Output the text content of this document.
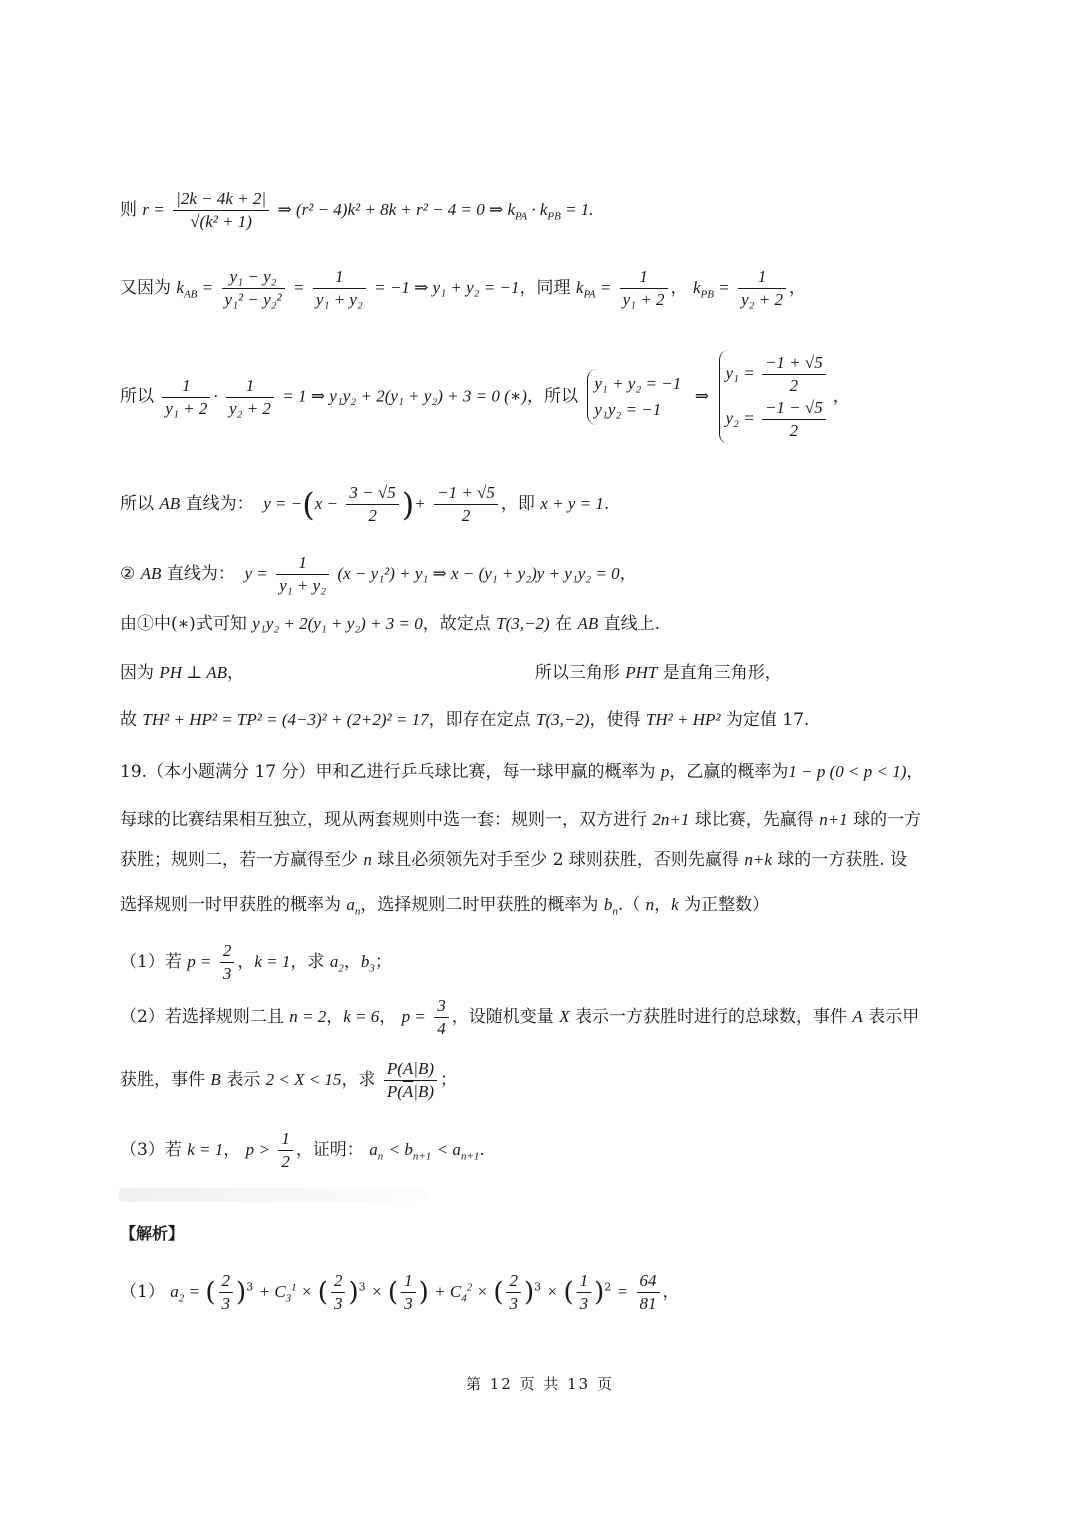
则 $r = \frac{|2k - 4k + 2|}{\text{√(k² + 1)}}$ ⇒ (r² − 4)k² + 8k + r² − 4 = 0 ⇒ $k_{PA} \cdot k_{PB} = 1$.
又因为 $k_{AB} = \frac{\text{y₁ − y₂}}{\text{y₁² − y₂²}} = \frac{1}{\text{y₁ + y₂}} = -1$ ⇒ y₁ + y₂ = −1，同理 $k_{PA} = \frac{1}{\text{y₁ + 2}}$ ， $k_{PB} = \frac{1}{\text{y₂ + 2}}$ ，
所以 $\frac{1}{\text{y₁ + 2}} \cdot \frac{1}{\text{y₂ + 2}} = 1$ ⇒ y₁y₂ + 2(y₁ + y₂) + 3 = 0 (∗)，所以
y₁ + y₂ = −1
y₁y₂ = −1
⇒
$y_1 = \frac{-1 + √5}{2}$
$y_2 = \frac{-1 - √5}{2}$
，
所以 AB 直线为：  $y = -(x - \frac{3 - √5}{2}$ )+ $\frac{-1 + √5}{2}$ ，即 x + y = 1.
② AB 直线为：  $y = \frac{1}{\text{y₁ + y₂}} (x - y_1^2) + y_1$ ⇒ x − (y₁ + y₂)y + y₁y₂ = 0，
由①中(∗)式可知 y₁y₂ + 2(y₁ + y₂) + 3 = 0，故定点 T(3,−2) 在 AB 直线上.
因为 PH ⊥ AB，	所以三角形 PHT 是直角三角形，
故 TH² + HP² = TP² = (4−3)² + (2+2)² = 17，即存在定点 T(3,−2)，使得 TH² + HP² 为定值 17.
19.（本小题满分 17 分）甲和乙进行乒乓球比赛，每一球甲赢的概率为 p，乙赢的概率为1 − p (0 < p < 1)，
每球的比赛结果相互独立，现从两套规则中选一套：规则一，双方进行 2n+1 球比赛，先赢得 n+1 球的一方
获胜；规则二，若一方赢得至少 n 球且必须领先对手至少 2 球则获胜，否则先赢得 n+k 球的一方获胜. 设
选择规则一时甲获胜的概率为 $a_n$，选择规则二时甲获胜的概率为 $b_n$.（ n，k 为正整数）
（1）若 $p = \frac{2}{3}$ ，k = 1，求 $a_2$，$b_3$；
（2）若选择规则二且 n = 2，k = 6， $p = \frac{3}{4}$ ，设随机变量 X 表示一方获胜时进行的总球数，事件 A 表示甲
获胜，事件 B 表示 2 < X < 15，求 $\frac{P(A|B)}{P(\overline{A}|B)}$ ；
（3）若 k = 1， $p > \frac{1}{2}$ ，证明： $a_n < b_{n+1} < a_{n+1}$.
【解析】
（1） $a_2$ = ( $\frac{2}{3} )^3 + C_3^1$ × ( $\frac{2}{3} )^3$ × ( $\frac{1}{3}$ ) + $C_4^2$ × ( $\frac{2}{3} )^3$ × ( $\frac{1}{3} )^2 = \frac{64}{81}$ ，
第 12 页 共 13 页
